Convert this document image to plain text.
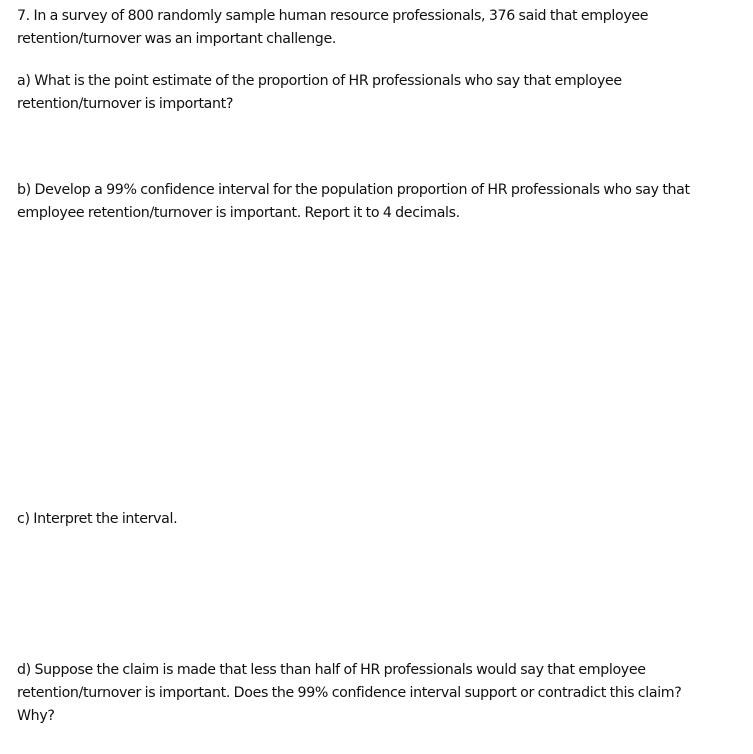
7. In a survey of 800 randomly sample human resource professionals, 376 said that employee
retention/turnover was an important challenge.

a) What is the point estimate of the proportion of HR professionals who say that employee
retention/turnover is important?

b) Develop a 99% confidence interval for the population proportion of HR professionals who say that
employee retention/turnover is important. Report it to 4 decimals.

c) Interpret the interval.

d) Suppose the claim is made that less than half of HR professionals would say that employee
retention/turnover is important. Does the 99% confidence interval support or contradict this claim?
Why?
